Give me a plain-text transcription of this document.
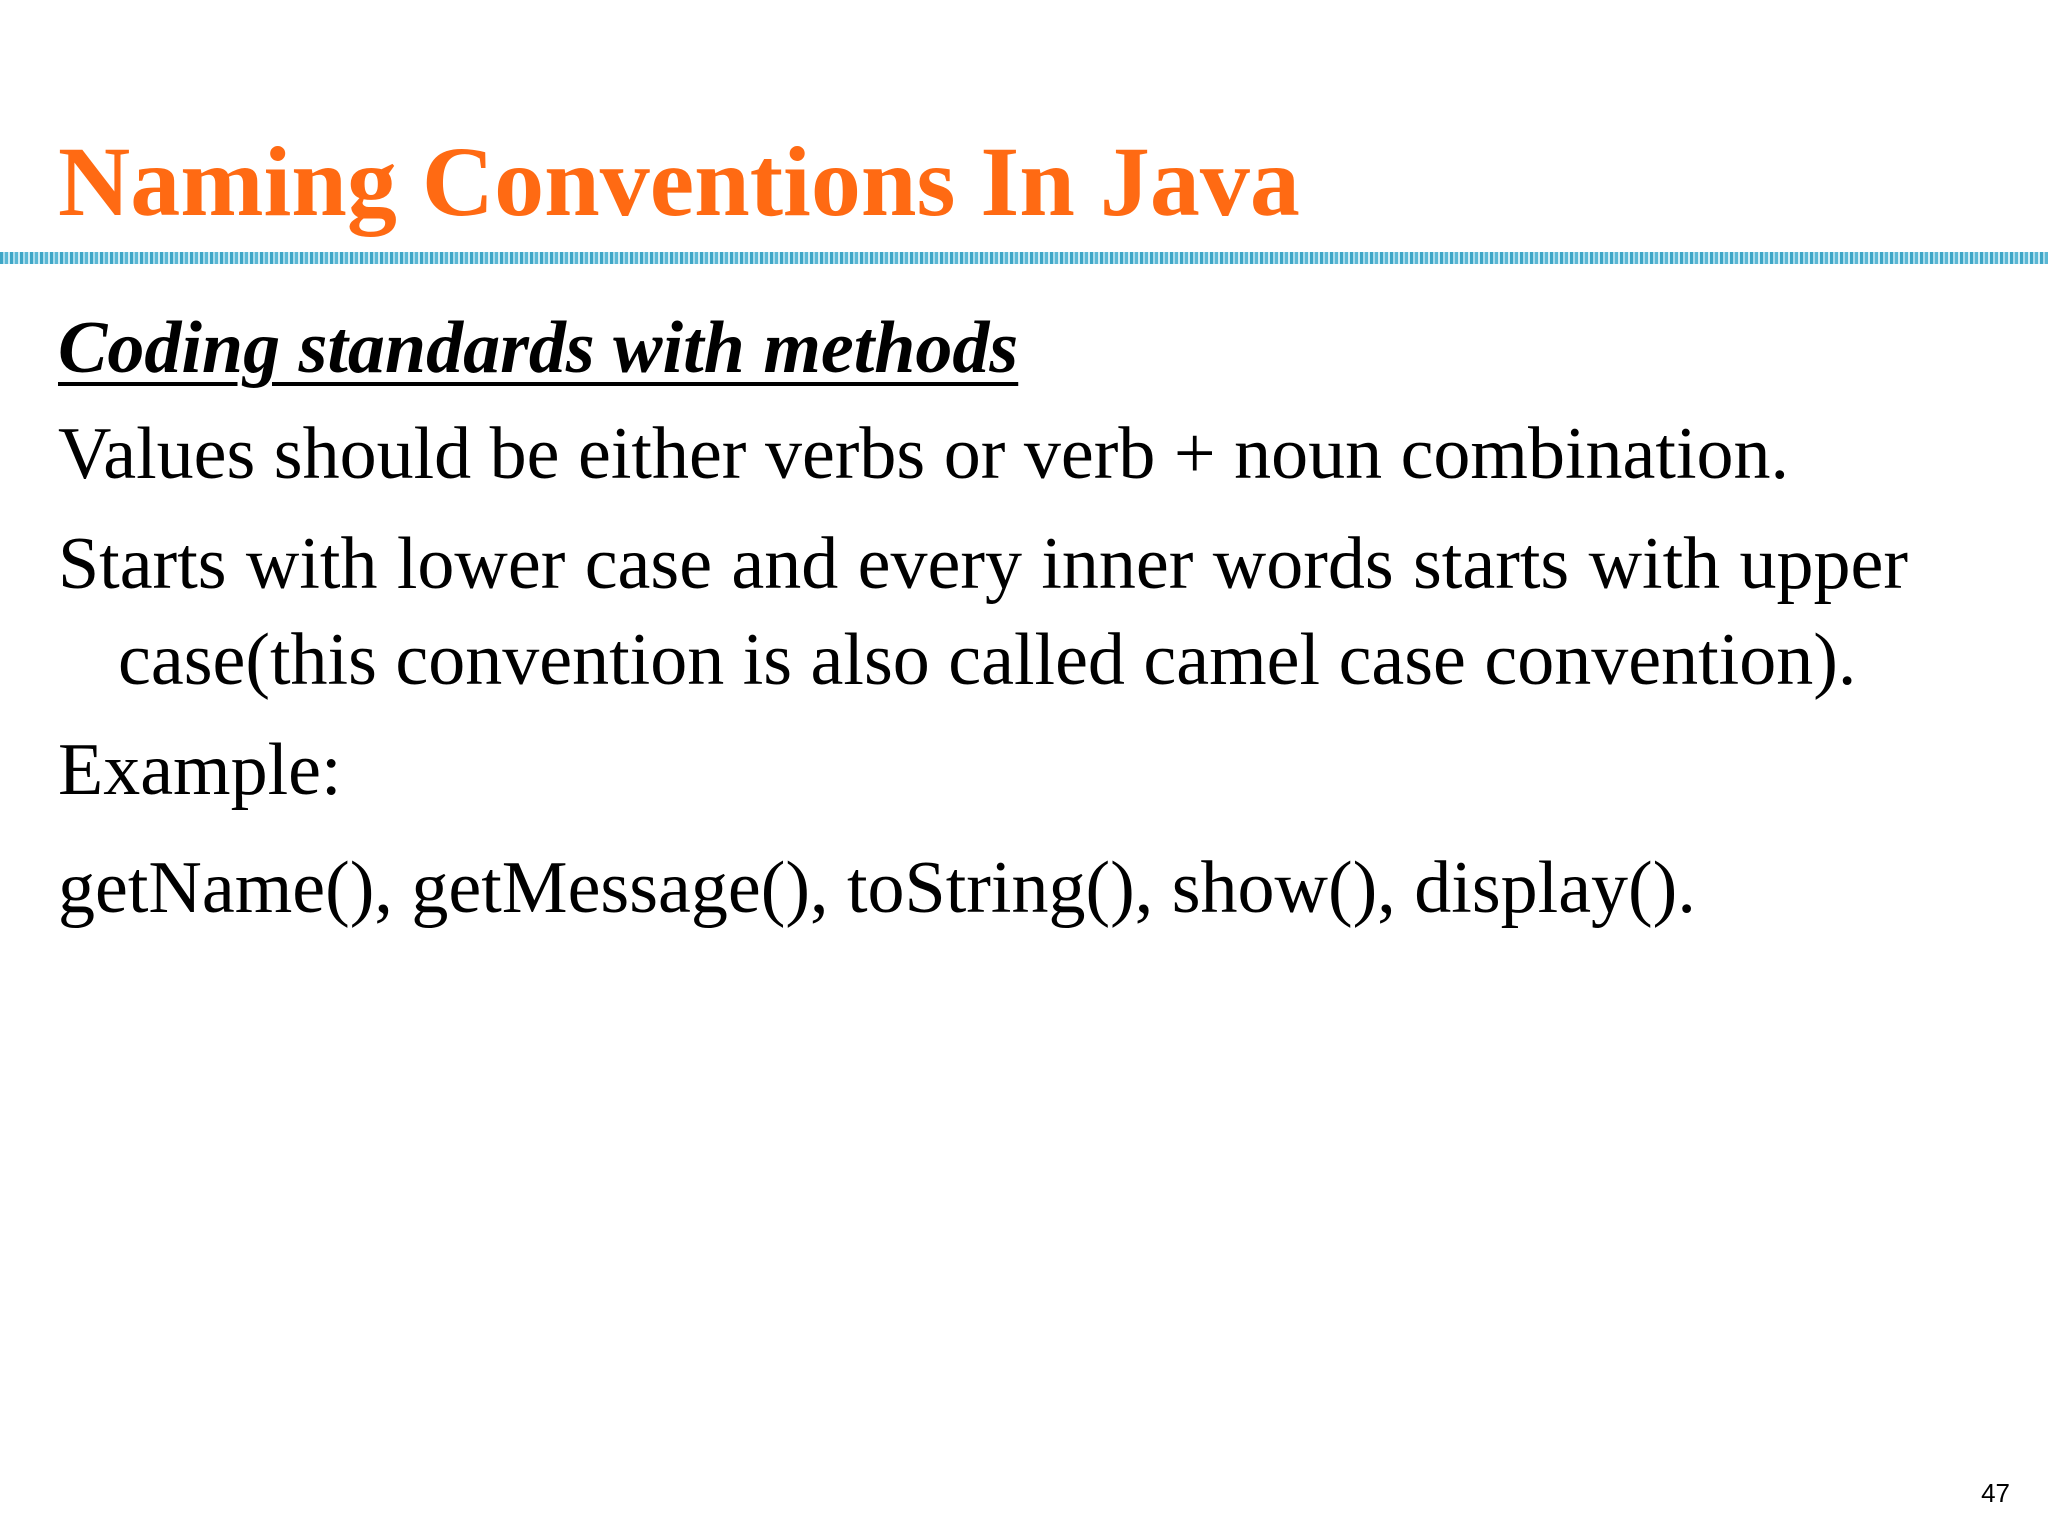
Naming Conventions In Java

Coding standards with methods

Values should be either verbs or verb + noun combination.

Starts with lower case and every inner words starts with upper case(this convention is also called camel case convention).

Example:

getName(), getMessage(), toString(), show(), display().

47
